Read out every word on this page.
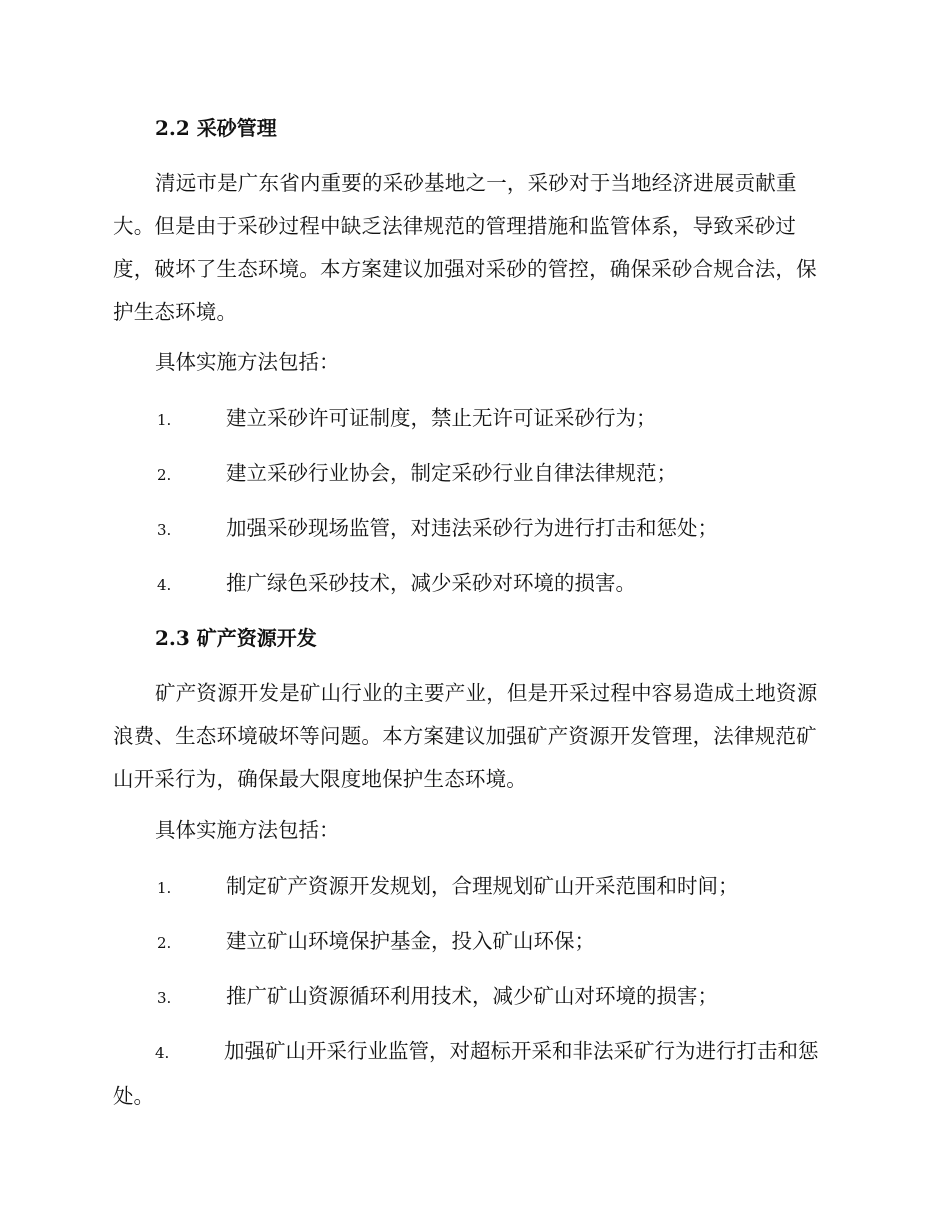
2.2 采砂管理
清远市是广东省内重要的采砂基地之一，采砂对于当地经济进展贡献重大。但是由于采砂过程中缺乏法律规范的管理措施和监管体系，导致采砂过度，破坏了生态环境。本方案建议加强对采砂的管控，确保采砂合规合法，保护生态环境。
具体实施方法包括：
1.	建立采砂许可证制度，禁止无许可证采砂行为；
2.	建立采砂行业协会，制定采砂行业自律法律规范；
3.	加强采砂现场监管，对违法采砂行为进行打击和惩处；
4.	推广绿色采砂技术，减少采砂对环境的损害。
2.3 矿产资源开发
矿产资源开发是矿山行业的主要产业，但是开采过程中容易造成土地资源浪费、生态环境破坏等问题。本方案建议加强矿产资源开发管理，法律规范矿山开采行为，确保最大限度地保护生态环境。
具体实施方法包括：
1.	制定矿产资源开发规划，合理规划矿山开采范围和时间；
2.	建立矿山环境保护基金，投入矿山环保；
3.	推广矿山资源循环利用技术，减少矿山对环境的损害；
4.	加强矿山开采行业监管，对超标开采和非法采矿行为进行打击和惩处。
